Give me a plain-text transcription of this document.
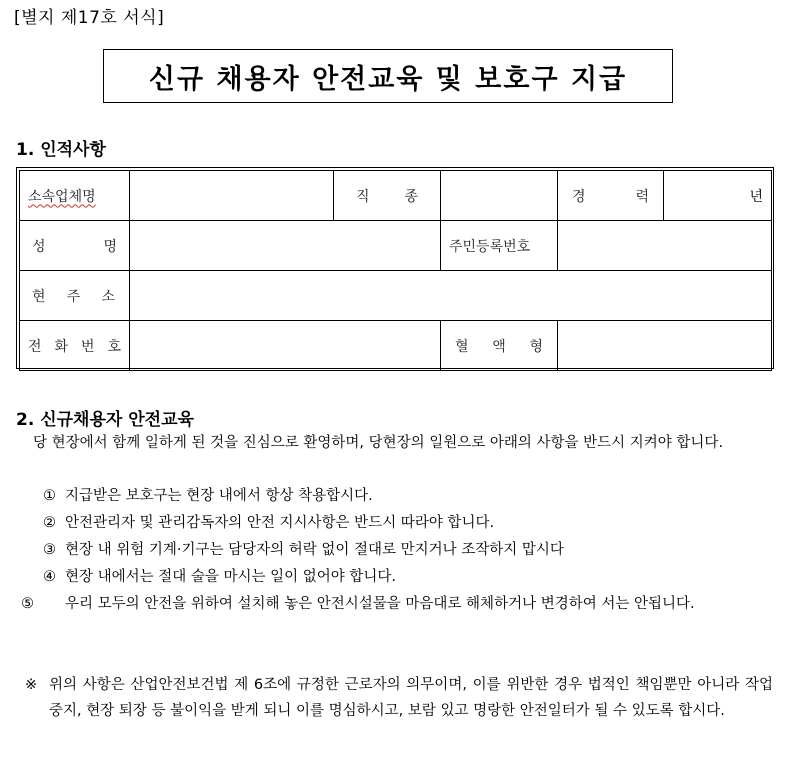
[별지 제17호 서식]
신규 채용자 안전교육 및 보호구 지급
1. 인적사항
소속업체명		직 종		경 력	년
성 명			주민등록번호		
현 주 소					
전 화 번 호			혈 액 형		
2. 신규채용자 안전교육
당 현장에서 함께 일하게 된 것을 진심으로 환영하며, 당현장의 일원으로 아래의 사항을 반드시 지켜야 합니다.
① 지급받은 보호구는 현장 내에서 항상 착용합시다.
② 안전관리자 및 관리감독자의 안전 지시사항은 반드시 따라야 합니다.
③ 현장 내 위험 기계·기구는 담당자의 허락 없이 절대로 만지거나 조작하지 맙시다
④ 현장 내에서는 절대 술을 마시는 일이 없어야 합니다.
⑤ 우리 모두의 안전을 위하여 설치해 놓은 안전시설물을 마음대로 해체하거나 변경하여 서는 안됩니다.
※ 위의 사항은 산업안전보건법 제 6조에 규정한 근로자의 의무이며, 이를 위반한 경우 법적인 책임뿐만 아니라 작업 중지, 현장 퇴장 등 불이익을 받게 되니 이를 명심하시고, 보람 있고 명랑한 안전일터가 될 수 있도록 합시다.
